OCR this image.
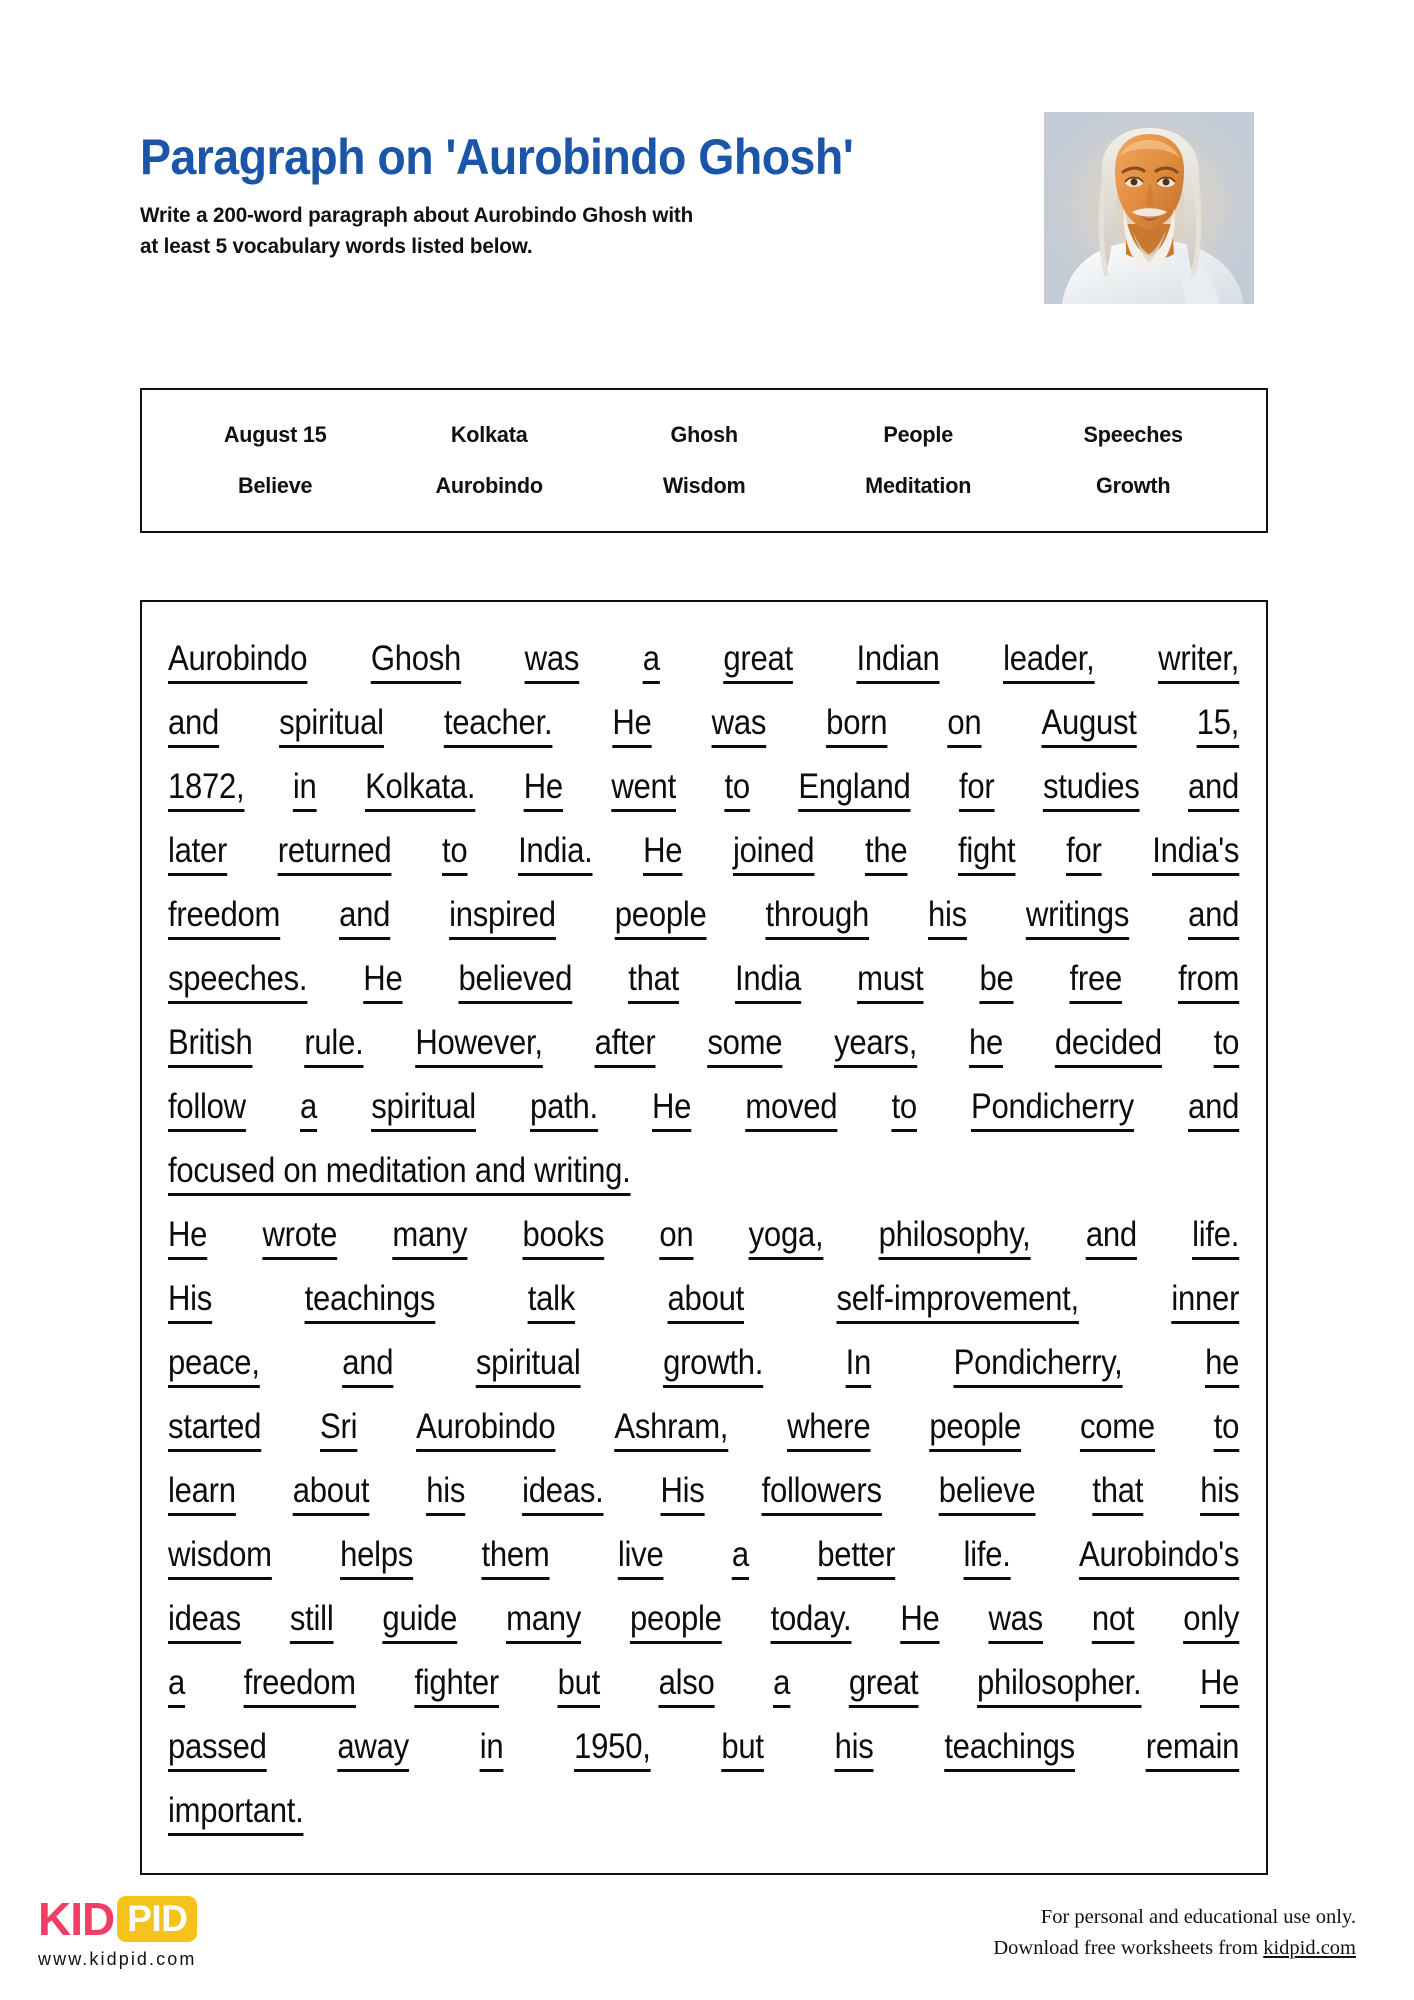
Paragraph on 'Aurobindo Ghosh'
Write a 200-word paragraph about Aurobindo Ghosh with
at least 5 vocabulary words listed below.
August 15	Kolkata	Ghosh	People	Speeches
Believe	Aurobindo	Wisdom	Meditation	Growth
Aurobindo Ghosh was a great Indian leader, writer,
and spiritual teacher. He was born on August 15,
1872, in Kolkata. He went to England for studies and
later returned to India. He joined the fight for India's
freedom and inspired people through his writings and
speeches. He believed that India must be free from
British rule. However, after some years, he decided to
follow a spiritual path. He moved to Pondicherry and
focused on meditation and writing.
He wrote many books on yoga, philosophy, and life.
His	teachings	talk	about	self-improvement,	inner
peace, and spiritual growth. In Pondicherry, he
started Sri Aurobindo Ashram, where people come to
learn about his ideas. His followers believe that his
wisdom helps them live a better life. Aurobindo's
ideas still guide many people today. He was not only
a freedom fighter but also a great philosopher. He
passed away in 1950, but his teachings remain
important.
KID PID
www.kidpid.com
For personal and educational use only.
Download free worksheets from kidpid.com
